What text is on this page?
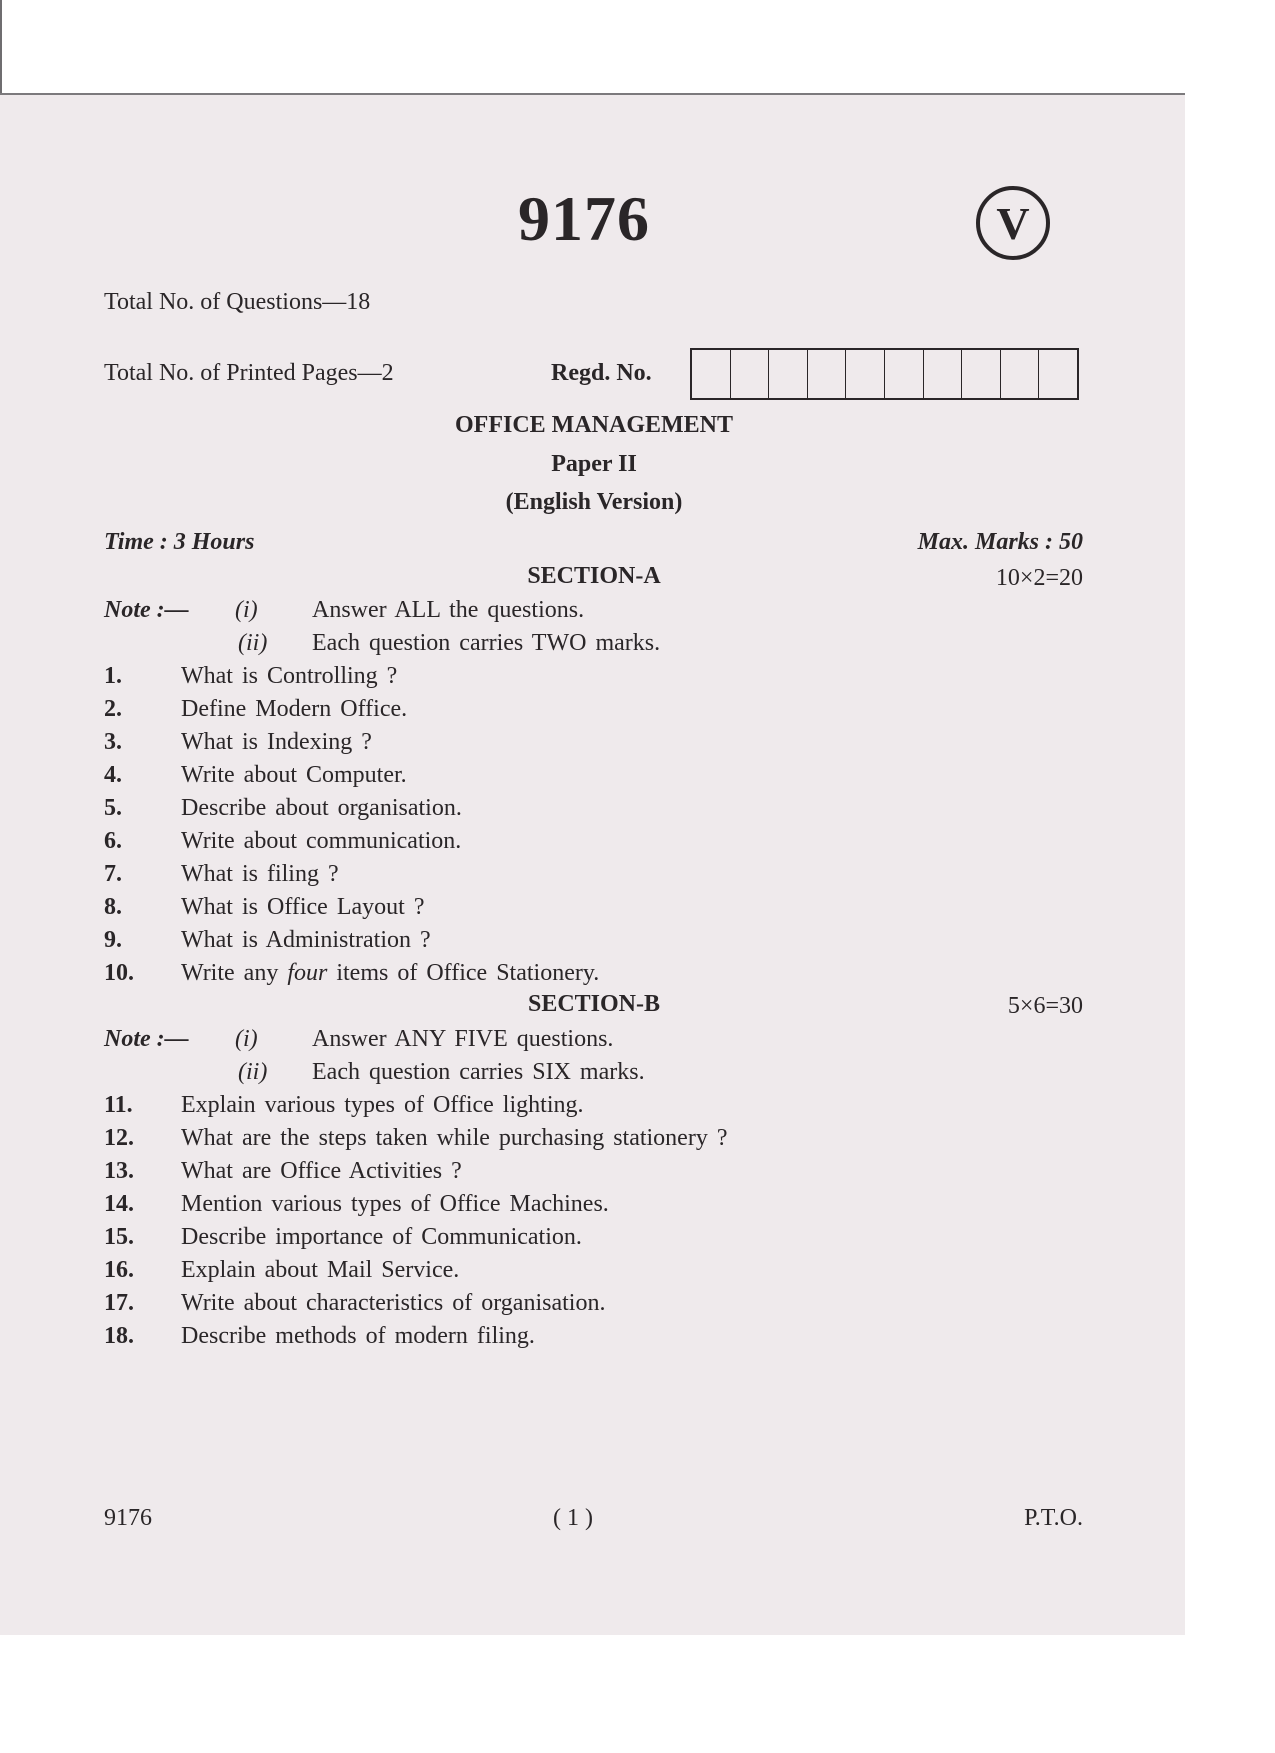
9176	V
Total No. of Questions—18
Total No. of Printed Pages—2	Regd. No.
OFFICE MANAGEMENT
Paper II
(English Version)
Time : 3 Hours	Max. Marks : 50
SECTION-A	10×2=20
Note :— (i) Answer ALL the questions.
(ii) Each question carries TWO marks.
1. What is Controlling ?
2. Define Modern Office.
3. What is Indexing ?
4. Write about Computer.
5. Describe about organisation.
6. Write about communication.
7. What is filing ?
8. What is Office Layout ?
9. What is Administration ?
10. Write any four items of Office Stationery.
SECTION-B	5×6=30
Note :— (i) Answer ANY FIVE questions.
(ii) Each question carries SIX marks.
11. Explain various types of Office lighting.
12. What are the steps taken while purchasing stationery ?
13. What are Office Activities ?
14. Mention various types of Office Machines.
15. Describe importance of Communication.
16. Explain about Mail Service.
17. Write about characteristics of organisation.
18. Describe methods of modern filing.
9176	( 1 )	P.T.O.
